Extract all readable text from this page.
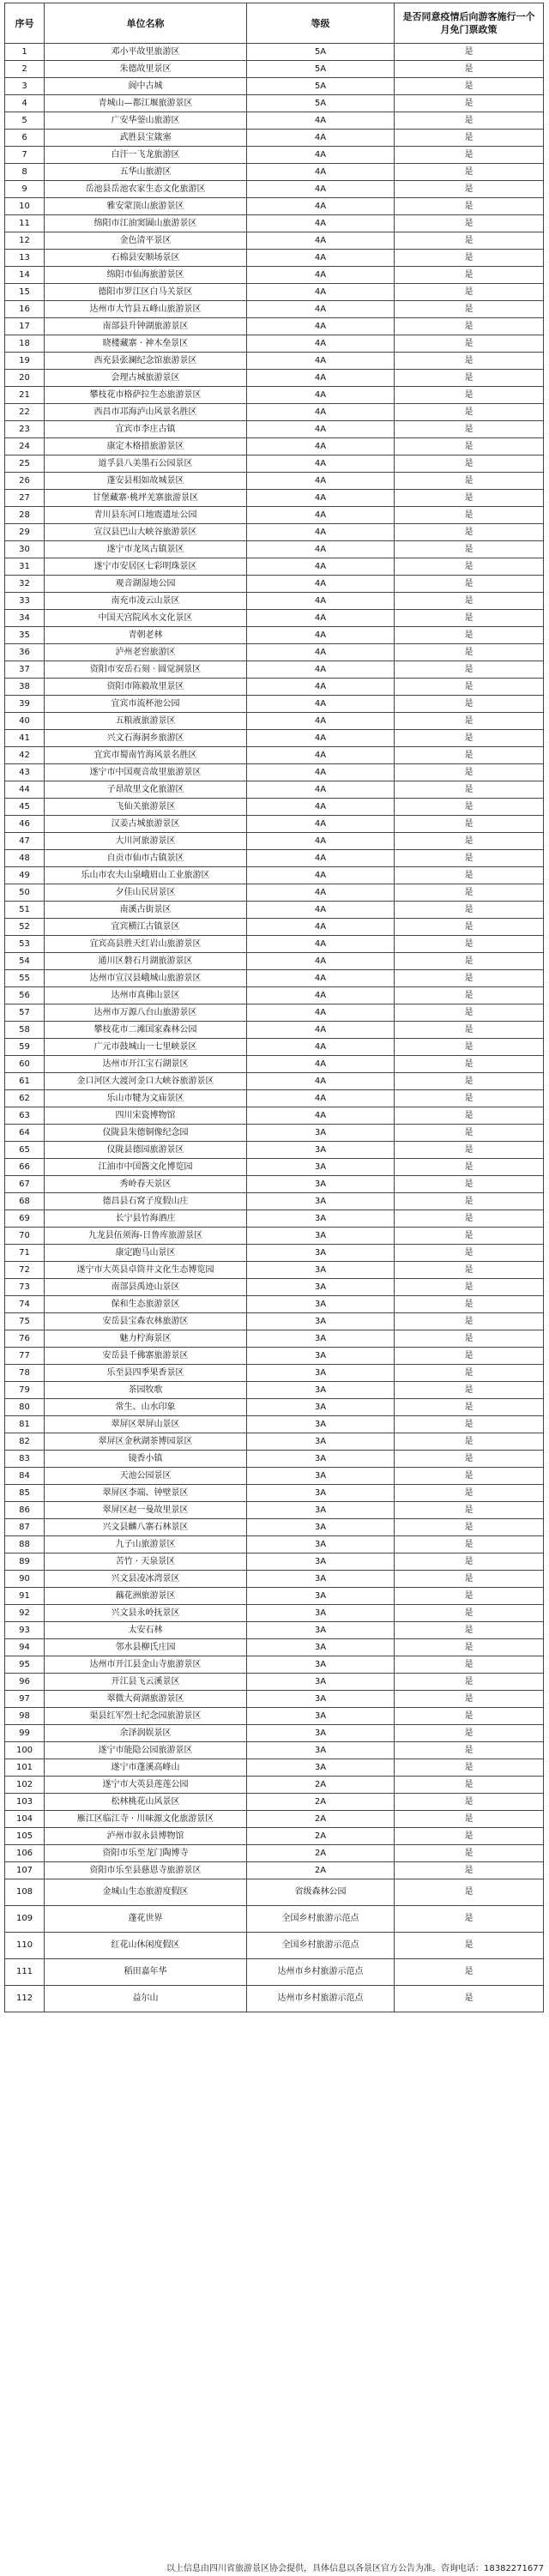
序号	单位名称	等级	是否同意疫情后向游客施行一个月免门票政策
1	邓小平故里旅游区	5A	是
2	朱德故里景区	5A	是
3	阆中古城	5A	是
4	青城山—都江堰旅游景区	5A	是
5	广安华蓥山旅游区	4A	是
6	武胜县宝箴塞	4A	是
7	白汗一飞龙旅游区	4A	是
8	五华山旅游区	4A	是
9	岳池县岳池农家生态文化旅游区	4A	是
10	雅安蒙顶山旅游景区	4A	是
11	绵阳市江油窦圌山旅游景区	4A	是
12	金色清平景区	4A	是
13	石棉县安顺场景区	4A	是
14	绵阳市仙海旅游景区	4A	是
15	德阳市罗江区白马关景区	4A	是
16	达州市大竹县五峰山旅游景区	4A	是
17	南部县升钟湖旅游景区	4A	是
18	晓楼藏寨 · 神木垒景区	4A	是
19	西充县张澜纪念馆旅游景区	4A	是
20	会理古城旅游景区	4A	是
21	攀枝花市格萨拉生态旅游景区	4A	是
22	西昌市邛海泸山风景名胜区	4A	是
23	宜宾市李庄古镇	4A	是
24	康定木格措旅游景区	4A	是
25	道孚县八美墨石公园景区	4A	是
26	蓬安县相如故城景区	4A	是
27	甘堡藏寨·桃坪羌寨旅游景区	4A	是
28	青川县东河口地震遗址公园	4A	是
29	宣汉县巴山大峡谷旅游景区	4A	是
30	遂宁市龙凤古镇景区	4A	是
31	遂宁市安居区七彩明珠景区	4A	是
32	观音湖湿地公园	4A	是
33	南充市凌云山景区	4A	是
34	中国天宫院风水文化景区	4A	是
35	青朝老林	4A	是
36	泸州老窖旅游区	4A	是
37	资阳市安岳石刻 · 圆觉洞景区	4A	是
38	资阳市陈毅故里景区	4A	是
39	宜宾市流杯池公园	4A	是
40	五粮液旅游景区	4A	是
41	兴文石海洞乡旅游区	4A	是
42	宜宾市蜀南竹海风景名胜区	4A	是
43	遂宁市中国观音故里旅游景区	4A	是
44	子昂故里文化旅游区	4A	是
45	飞仙关旅游景区	4A	是
46	汉姜古城旅游景区	4A	是
47	大川河旅游景区	4A	是
48	自贡市仙市古镇景区	4A	是
49	乐山市农夫山泉峨眉山工业旅游区	4A	是
50	夕佳山民居景区	4A	是
51	南溪古街景区	4A	是
52	宜宾横江古镇景区	4A	是
53	宜宾高县胜天红岩山旅游景区	4A	是
54	通川区磐石月湖旅游景区	4A	是
55	达州市宣汉县峨城山旅游景区	4A	是
56	达州市真佛山景区	4A	是
57	达州市万源八台山旅游景区	4A	是
58	攀枝花市二滩国家森林公园	4A	是
59	广元市鼓城山一七里峡景区	4A	是
60	达州市开江宝石湖景区	4A	是
61	金口河区大渡河金口大峡谷旅游景区	4A	是
62	乐山市犍为文庙景区	4A	是
63	四川宋瓷博物馆	4A	是
64	仪陇县朱德铜像纪念园	3A	是
65	仪陇县德园旅游景区	3A	是
66	江油市中国酱文化博览园	3A	是
67	秀岭春天景区	3A	是
68	德昌县石窝子度假山庄	3A	是
69	长宁县竹海酒庄	3A	是
70	九龙县伍须海-日鲁库旅游景区	3A	是
71	康定跑马山景区	3A	是
72	遂宁市大英县卓筒井文化生态博览园	3A	是
73	南部县禹迹山景区	3A	是
74	保和生态旅游景区	3A	是
75	安岳县宝森农林旅游区	3A	是
76	魅力柠海景区	3A	是
77	安岳县千佛寨旅游景区	3A	是
78	乐至县四季果香景区	3A	是
79	茶园牧歌	3A	是
80	常生、山水印象	3A	是
81	翠屏区翠屏山景区	3A	是
82	翠屏区金秋湖茶博园景区	3A	是
83	镜香小镇	3A	是
84	天池公园景区	3A	是
85	翠屏区李端、钟壁景区	3A	是
86	翠屏区赵一曼故里景区	3A	是
87	兴文县麟八寨石林景区	3A	是
88	九子山旅游景区	3A	是
89	苦竹 · 天泉景区	3A	是
90	兴文县凌冰湾景区	3A	是
91	藕花洲旅游景区	3A	是
92	兴文县永岭抚景区	3A	是
93	太安石林	3A	是
94	邻水县柳氏庄园	3A	是
95	达州市开江县金山寺旅游景区	3A	是
96	开江县飞云溪景区	3A	是
97	翠微大荷湖旅游景区	3A	是
98	渠县红军烈士纪念园旅游景区	3A	是
99	余泽润娱景区	3A	是
100	遂宁市能隐公园旅游景区	3A	是
101	遂宁市蓬溪高峰山	3A	是
102	遂宁市大英县莲莲公园	2A	是
103	松林桃花山风景区	2A	是
104	雁江区临江寺 · 川味源文化旅游景区	2A	是
105	泸州市叙永县博物馆	2A	是
106	资阳市乐至龙门陶博寺	2A	是
107	资阳市乐至县慈恩寺旅游景区	2A	是
108	金城山生态旅游度假区	省级森林公园	是
109	蓬花世界	全国乡村旅游示范点	是
110	红花山休闲度假区	全国乡村旅游示范点	是
111	稻田嘉年华	达州市乡村旅游示范点	是
112	益尔山	达州市乡村旅游示范点	是
以上信息由四川省旅游景区协会提供，具体信息以各景区官方公告为准。咨询电话：18382271677
